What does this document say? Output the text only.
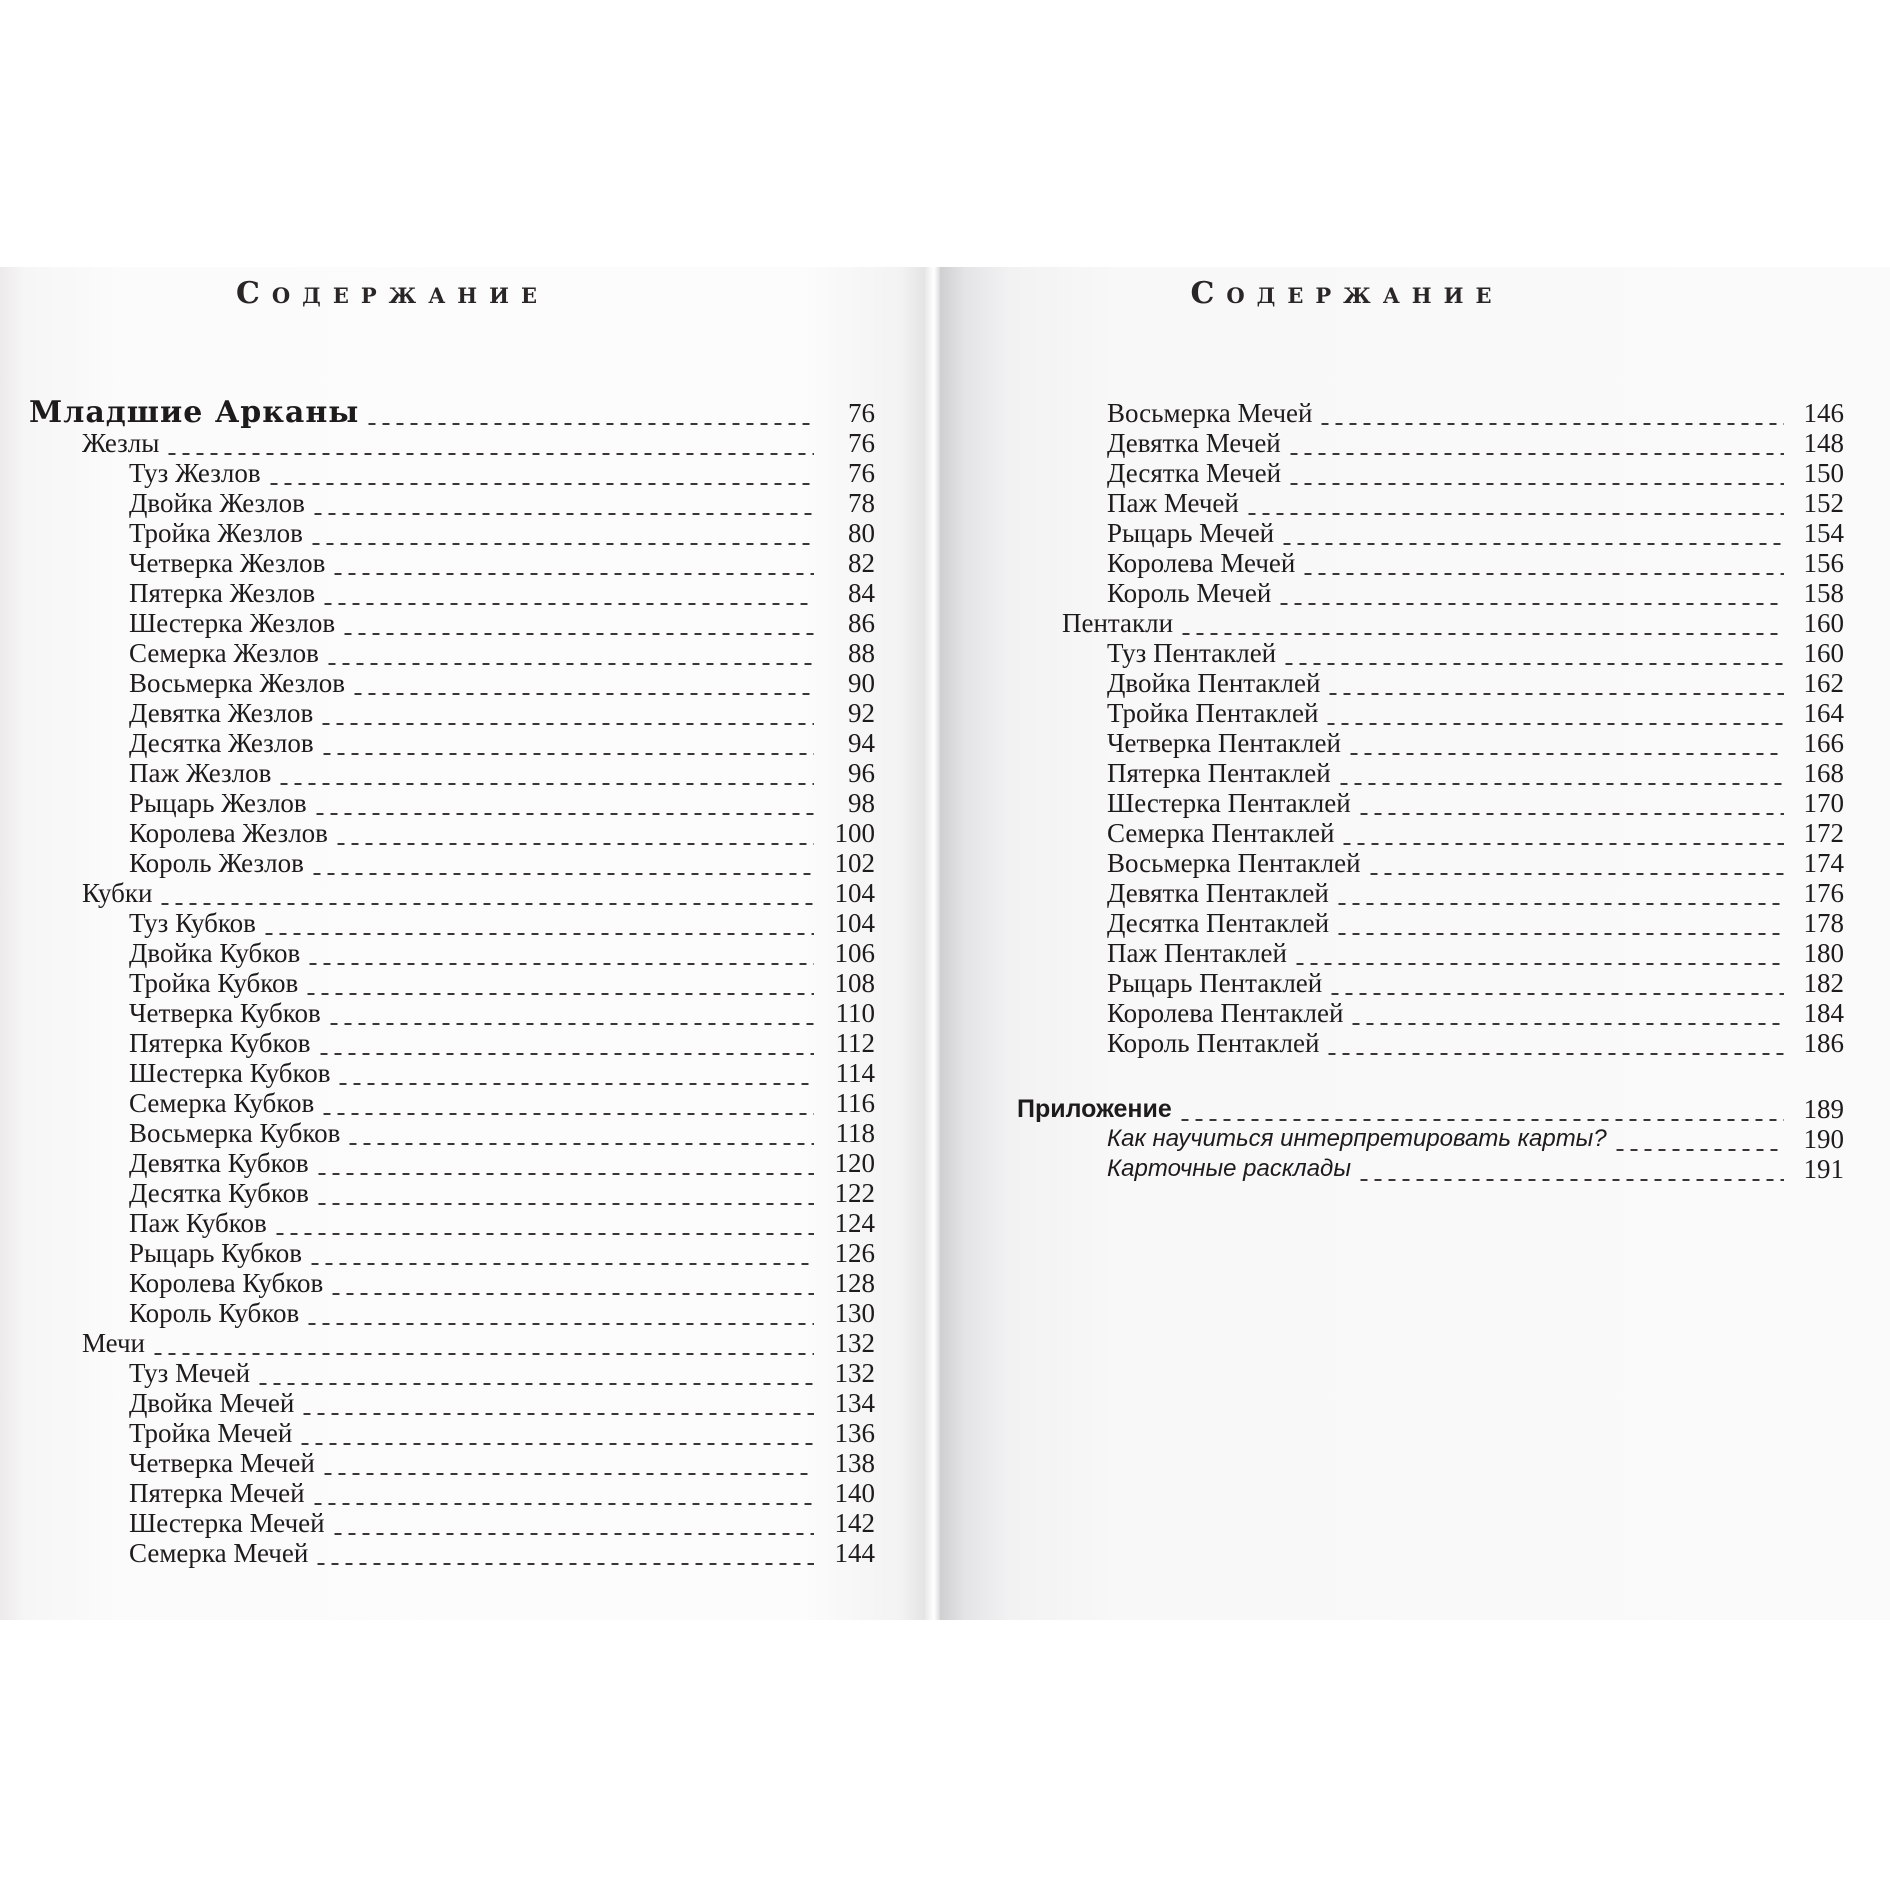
Содержание
Младшие Арканы	76
Жезлы	76
Туз Жезлов	76
Двойка Жезлов	78
Тройка Жезлов	80
Четверка Жезлов	82
Пятерка Жезлов	84
Шестерка Жезлов	86
Семерка Жезлов	88
Восьмерка Жезлов	90
Девятка Жезлов	92
Десятка Жезлов	94
Паж Жезлов	96
Рыцарь Жезлов	98
Королева Жезлов	100
Король Жезлов	102
Кубки	104
Туз Кубков	104
Двойка Кубков	106
Тройка Кубков	108
Четверка Кубков	110
Пятерка Кубков	112
Шестерка Кубков	114
Семерка Кубков	116
Восьмерка Кубков	118
Девятка Кубков	120
Десятка Кубков	122
Паж Кубков	124
Рыцарь Кубков	126
Королева Кубков	128
Король Кубков	130
Мечи	132
Туз Мечей	132
Двойка Мечей	134
Тройка Мечей	136
Четверка Мечей	138
Пятерка Мечей	140
Шестерка Мечей	142
Семерка Мечей	144
Содержание
Восьмерка Мечей	146
Девятка Мечей	148
Десятка Мечей	150
Паж Мечей	152
Рыцарь Мечей	154
Королева Мечей	156
Король Мечей	158
Пентакли	160
Туз Пентаклей	160
Двойка Пентаклей	162
Тройка Пентаклей	164
Четверка Пентаклей	166
Пятерка Пентаклей	168
Шестерка Пентаклей	170
Семерка Пентаклей	172
Восьмерка Пентаклей	174
Девятка Пентаклей	176
Десятка Пентаклей	178
Паж Пентаклей	180
Рыцарь Пентаклей	182
Королева Пентаклей	184
Король Пентаклей	186
Приложение	189
Как научиться интерпретировать карты?	190
Карточные расклады	191
